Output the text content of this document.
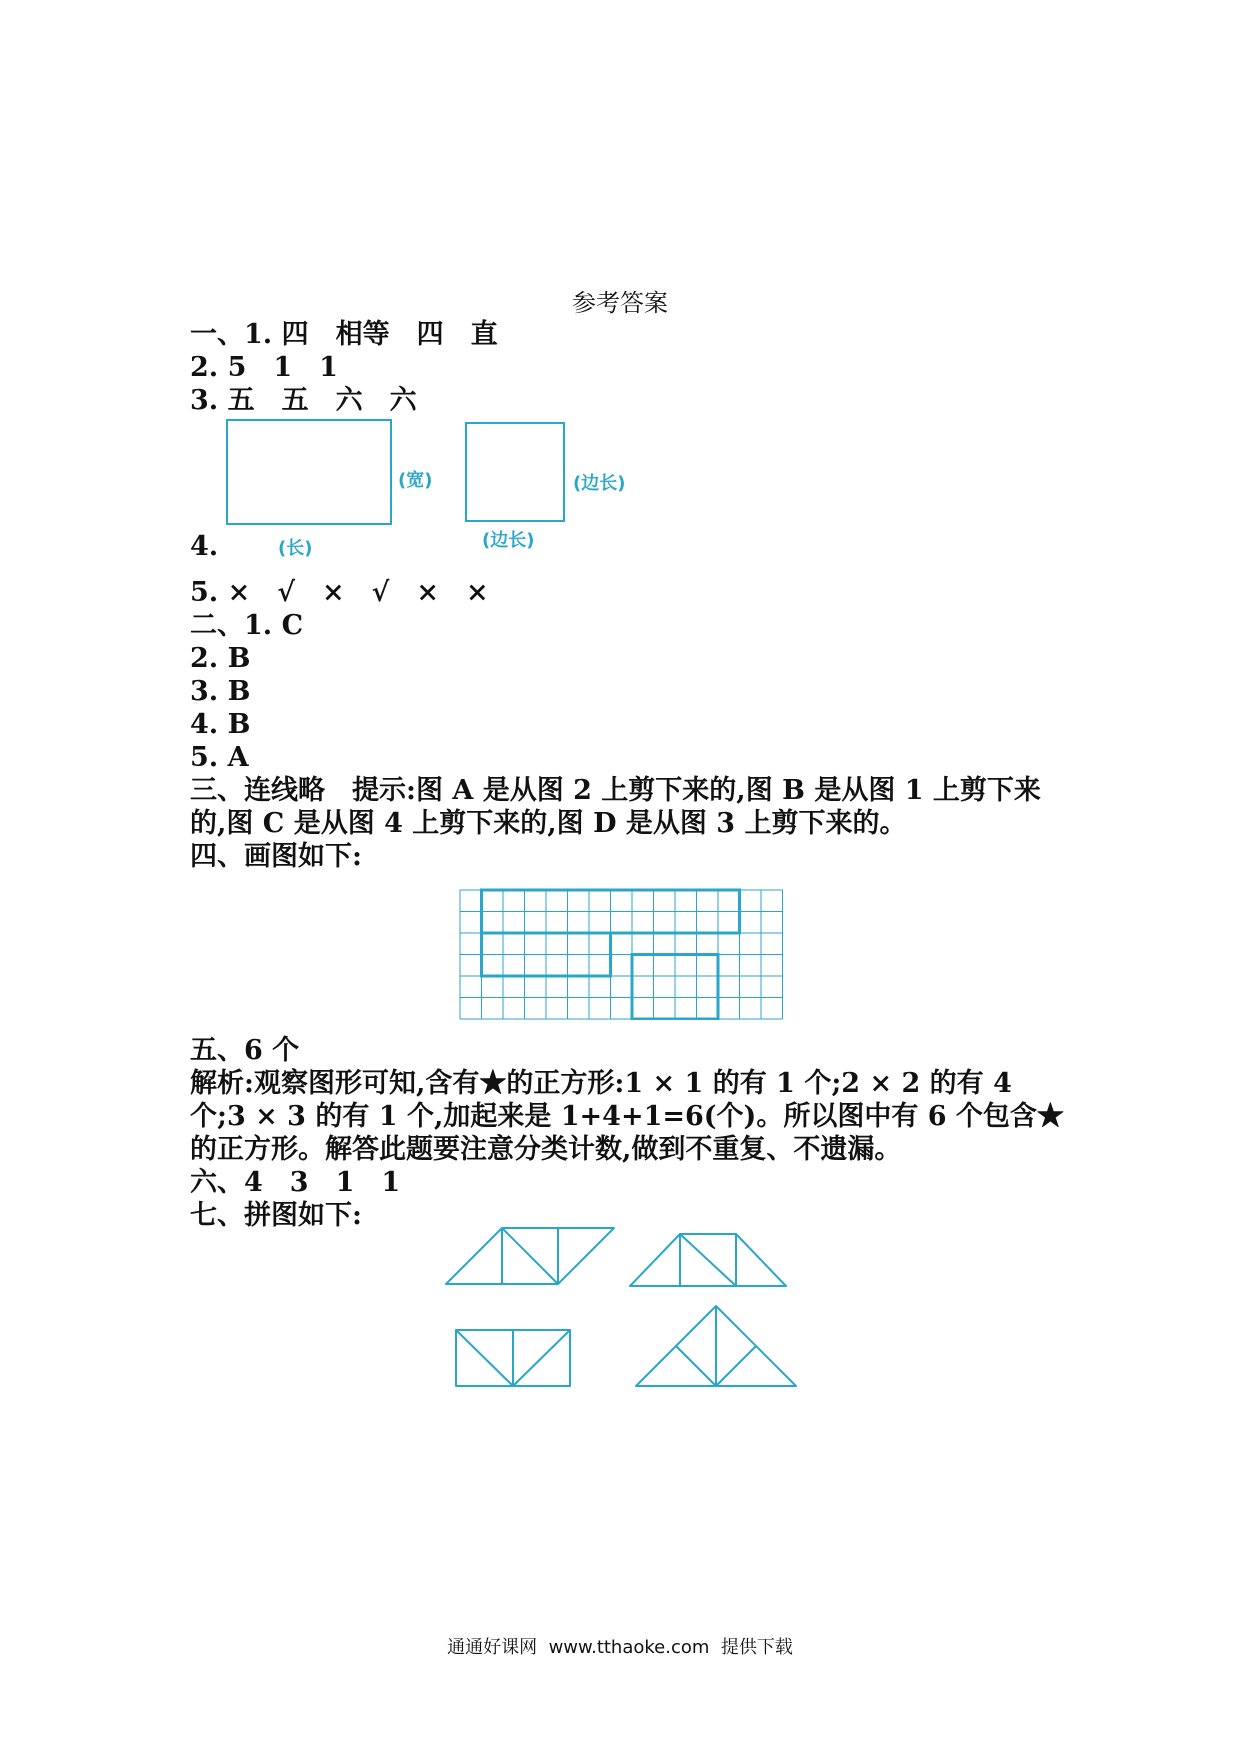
参考答案
一、1. 四　相等　四　直
2. 5　1　1
3. 五　五　六　六
(宽)
(长)
(边长)
(边长)
4.
5. ×　√　×　√　×　×
二、1. C
2. B
3. B
4. B
5. A
三、连线略　提示:图 A 是从图 2 上剪下来的,图 B 是从图 1 上剪下来的,图 C 是从图 4 上剪下来的,图 D 是从图 3 上剪下来的。
四、画图如下:
五、6 个
解析:观察图形可知,含有★的正方形:1 × 1 的有 1 个;2 × 2 的有 4 个;3 × 3 的有 1 个,加起来是 1+4+1=6(个)。所以图中有 6 个包含★的正方形。解答此题要注意分类计数,做到不重复、不遗漏。
六、4　3　1　1
七、拼图如下:
通通好课网  www.tthaoke.com  提供下载
